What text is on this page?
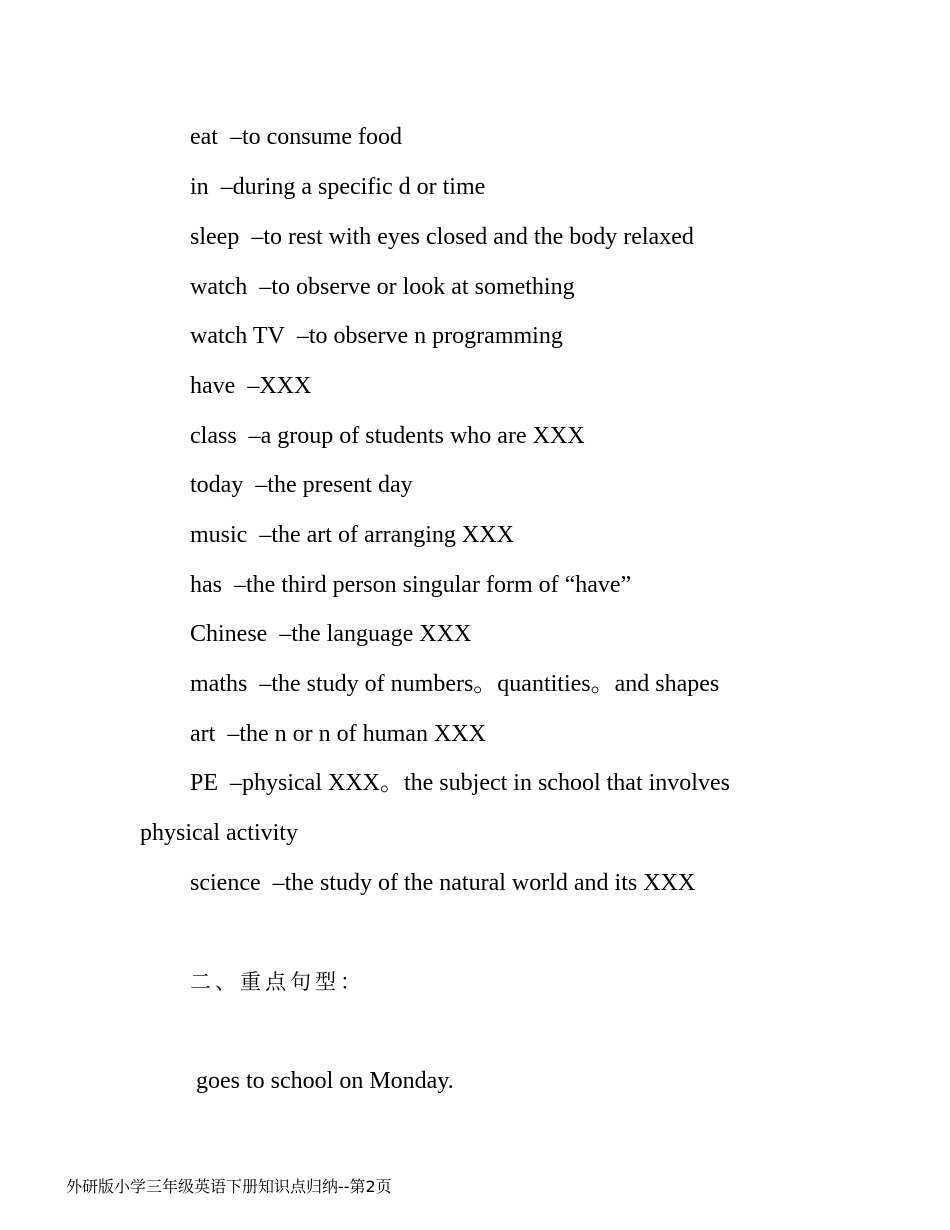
eat –to consume food
in –during a specific d or time
sleep –to rest with eyes closed and the body relaxed
watch –to observe or look at something
watch TV –to observe n programming
have –XXX
class –a group of students who are XXX
today –the present day
music –the art of arranging XXX
has –the third person singular form of “have”
Chinese –the language XXX
maths –the study of numbers。quantities。and shapes
art –the n or n of human XXX
PE –physical XXX。the subject in school that involves
physical activity
science –the study of the natural world and its XXX
二、重点句型：
goes to school on Monday.
外研版小学三年级英语下册知识点归纳--第2页
